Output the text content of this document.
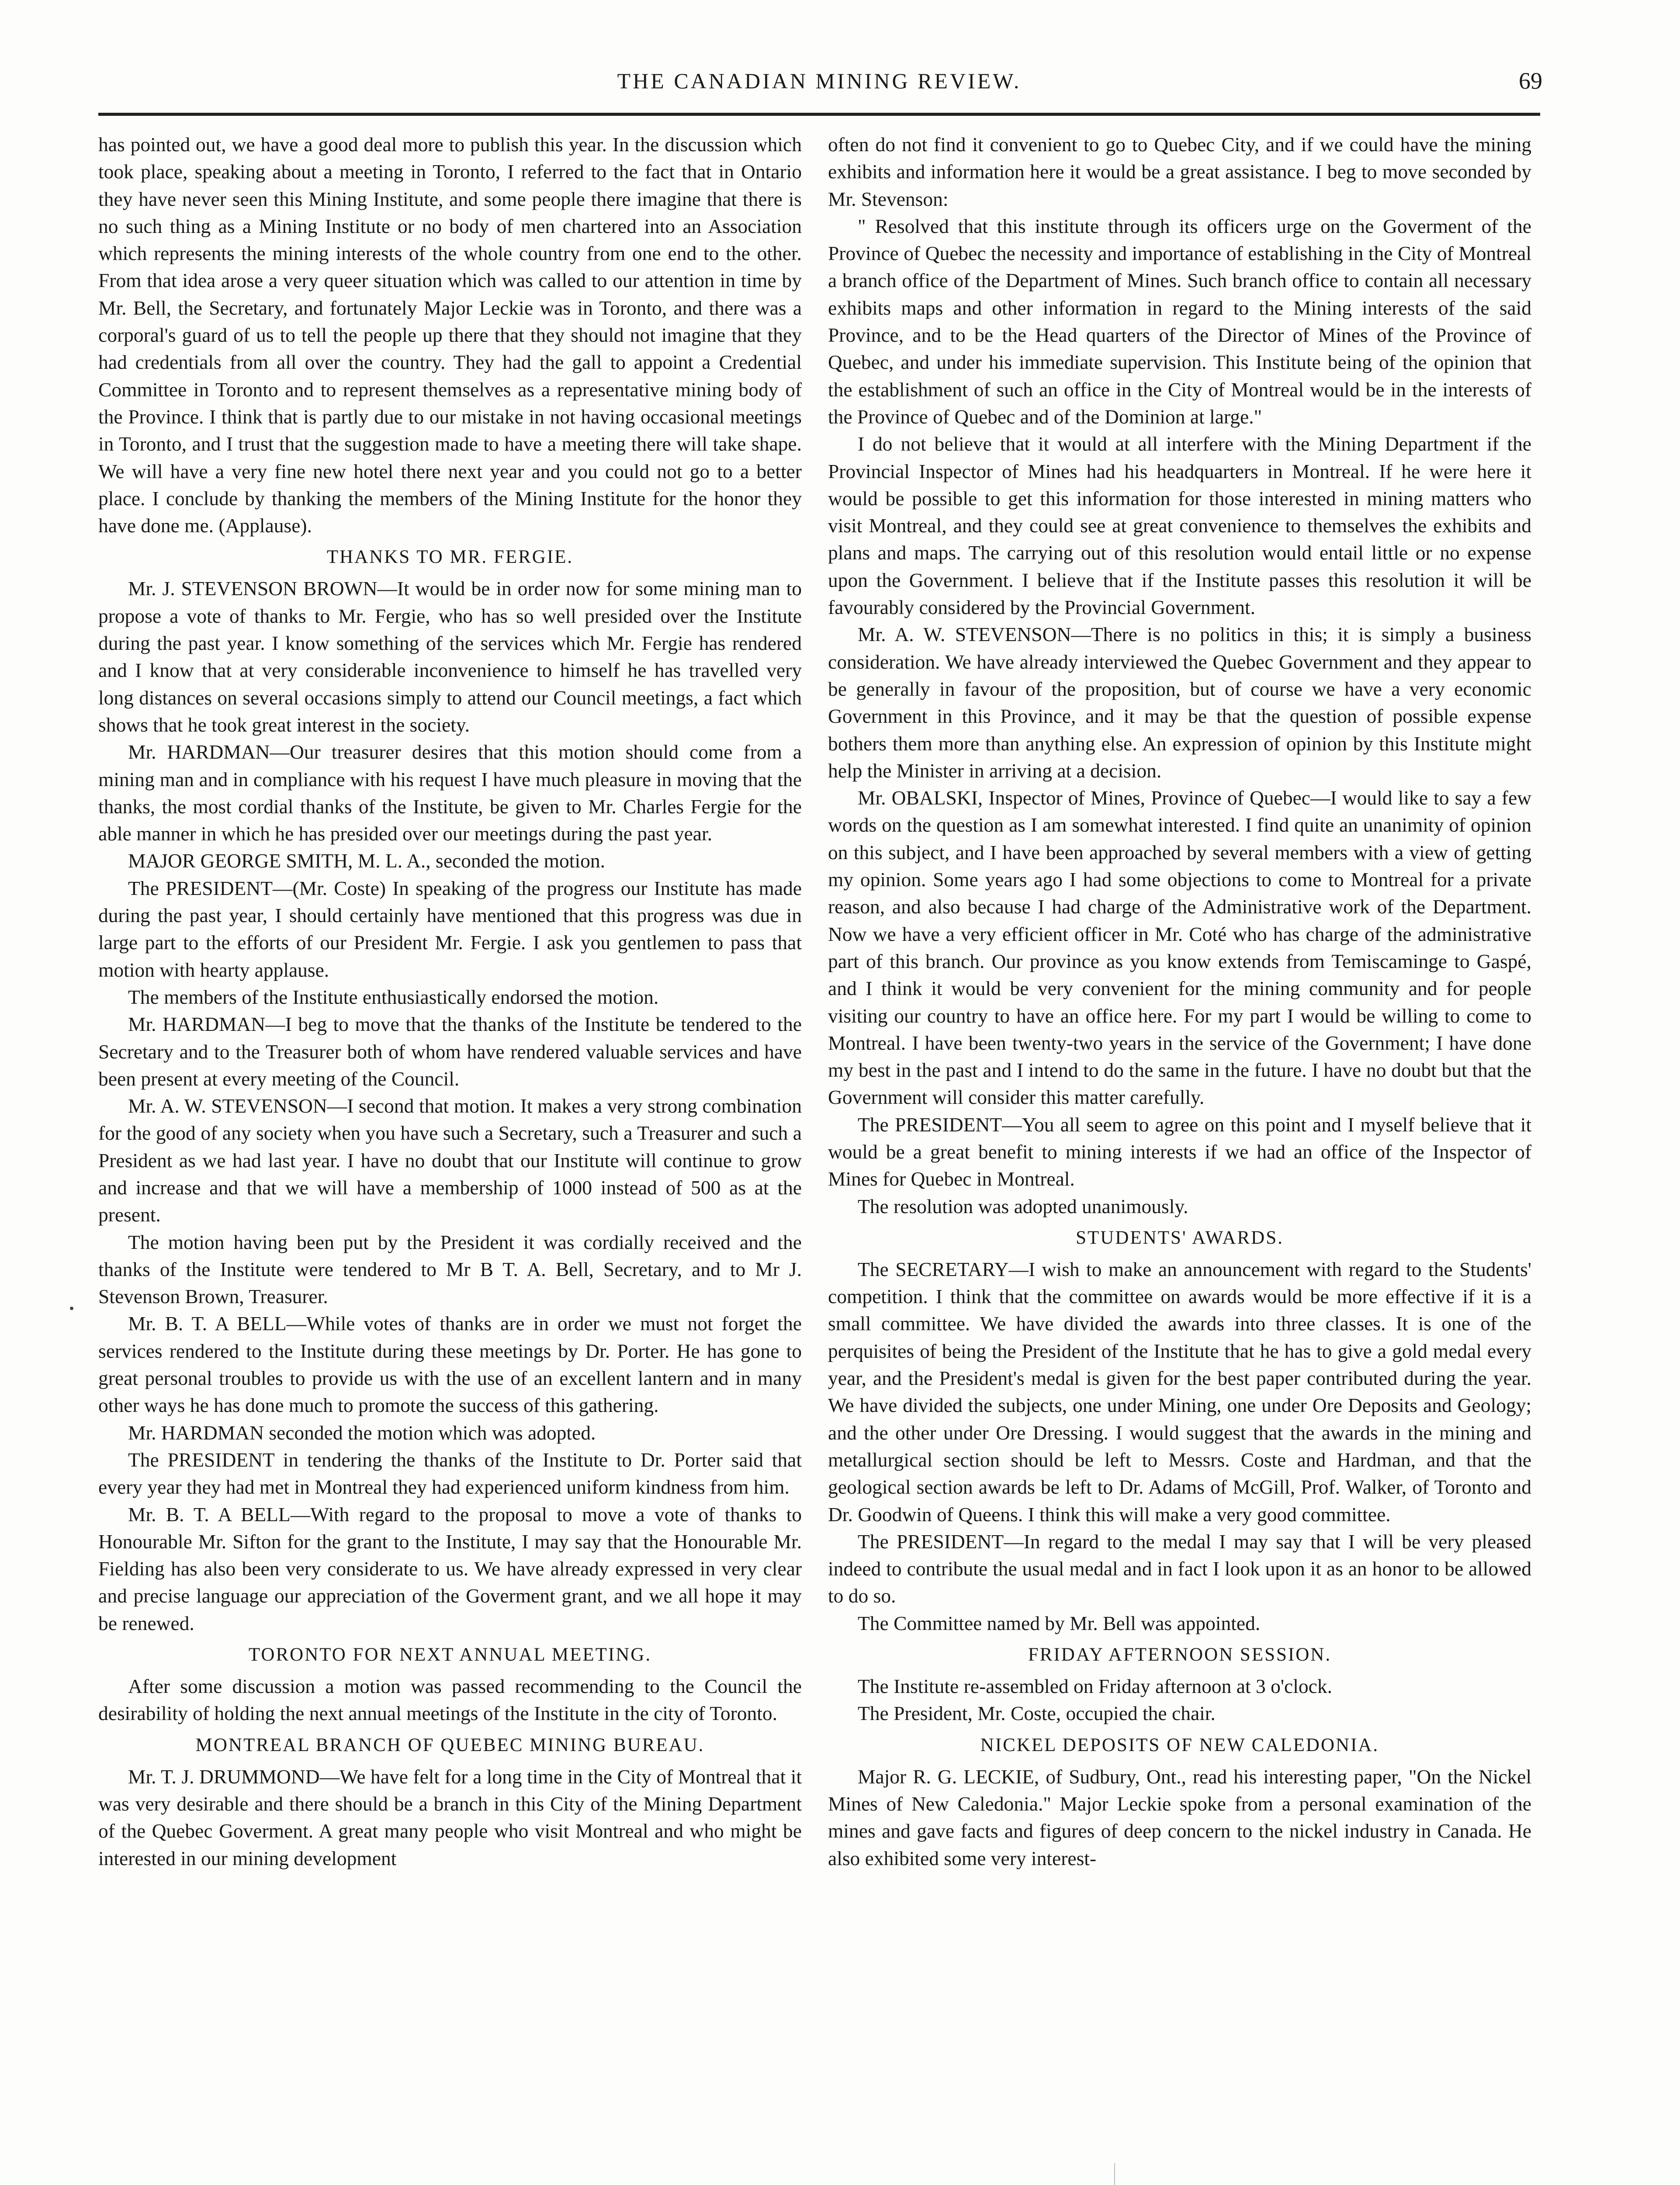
THE CANADIAN MINING REVIEW.	69

has pointed out, we have a good deal more to publish this year. In the discussion which took place, speaking about a meeting in Toronto, I referred to the fact that in Ontario they have never seen this Mining Institute, and some people there imagine that there is no such thing as a Mining Institute or no body of men chartered into an Association which represents the mining interests of the whole country from one end to the other. From that idea arose a very queer situation which was called to our attention in time by Mr. Bell, the Secretary, and fortunately Major Leckie was in Toronto, and there was a corporal's guard of us to tell the people up there that they should not imagine that they had credentials from all over the country. They had the gall to appoint a Credential Committee in Toronto and to represent themselves as a representative mining body of the Province. I think that is partly due to our mistake in not having occasional meetings in Toronto, and I trust that the suggestion made to have a meeting there will take shape. We will have a very fine new hotel there next year and you could not go to a better place. I conclude by thanking the members of the Mining Institute for the honor they have done me. (Applause).

THANKS TO MR. FERGIE.

Mr. J. STEVENSON BROWN—It would be in order now for some mining man to propose a vote of thanks to Mr. Fergie, who has so well presided over the Institute during the past year. I know something of the services which Mr. Fergie has rendered and I know that at very considerable inconvenience to himself he has travelled very long distances on several occasions simply to attend our Council meetings, a fact which shows that he took great interest in the society.

Mr. HARDMAN—Our treasurer desires that this motion should come from a mining man and in compliance with his request I have much pleasure in moving that the thanks, the most cordial thanks of the Institute, be given to Mr. Charles Fergie for the able manner in which he has presided over our meetings during the past year.

MAJOR GEORGE SMITH, M. L. A., seconded the motion.

The PRESIDENT—(Mr. Coste) In speaking of the progress our Institute has made during the past year, I should certainly have mentioned that this progress was due in large part to the efforts of our President Mr. Fergie. I ask you gentlemen to pass that motion with hearty applause.

The members of the Institute enthusiastically endorsed the motion.

Mr. HARDMAN—I beg to move that the thanks of the Institute be tendered to the Secretary and to the Treasurer both of whom have rendered valuable services and have been present at every meeting of the Council.

Mr. A. W. STEVENSON—I second that motion. It makes a very strong combination for the good of any society when you have such a Secretary, such a Treasurer and such a President as we had last year. I have no doubt that our Institute will continue to grow and increase and that we will have a membership of 1000 instead of 500 as at the present.

The motion having been put by the President it was cordially received and the thanks of the Institute were tendered to Mr B T. A. Bell, Secretary, and to Mr J. Stevenson Brown, Treasurer.

Mr. B. T. A BELL—While votes of thanks are in order we must not forget the services rendered to the Institute during these meetings by Dr. Porter. He has gone to great personal troubles to provide us with the use of an excellent lantern and in many other ways he has done much to promote the success of this gathering.

Mr. HARDMAN seconded the motion which was adopted.

The PRESIDENT in tendering the thanks of the Institute to Dr. Porter said that every year they had met in Montreal they had experienced uniform kindness from him.

Mr. B. T. A BELL—With regard to the proposal to move a vote of thanks to Honourable Mr. Sifton for the grant to the Institute, I may say that the Honourable Mr. Fielding has also been very considerate to us. We have already expressed in very clear and precise language our appreciation of the Goverment grant, and we all hope it may be renewed.

TORONTO FOR NEXT ANNUAL MEETING.

After some discussion a motion was passed recommending to the Council the desirability of holding the next annual meetings of the Institute in the city of Toronto.

MONTREAL BRANCH OF QUEBEC MINING BUREAU.

Mr. T. J. DRUMMOND—We have felt for a long time in the City of Montreal that it was very desirable and there should be a branch in this City of the Mining Department of the Quebec Goverment. A great many people who visit Montreal and who might be interested in our mining development

often do not find it convenient to go to Quebec City, and if we could have the mining exhibits and information here it would be a great assistance. I beg to move seconded by Mr. Stevenson:

" Resolved that this institute through its officers urge on the Goverment of the Province of Quebec the necessity and importance of establishing in the City of Montreal a branch office of the Department of Mines. Such branch office to contain all necessary exhibits maps and other information in regard to the Mining interests of the said Province, and to be the Head quarters of the Director of Mines of the Province of Quebec, and under his immediate supervision. This Institute being of the opinion that the establishment of such an office in the City of Montreal would be in the interests of the Province of Quebec and of the Dominion at large."

I do not believe that it would at all interfere with the Mining Department if the Provincial Inspector of Mines had his headquarters in Montreal. If he were here it would be possible to get this information for those interested in mining matters who visit Montreal, and they could see at great convenience to themselves the exhibits and plans and maps. The carrying out of this resolution would entail little or no expense upon the Government. I believe that if the Institute passes this resolution it will be favourably considered by the Provincial Government.

Mr. A. W. STEVENSON—There is no politics in this; it is simply a business consideration. We have already interviewed the Quebec Government and they appear to be generally in favour of the proposition, but of course we have a very economic Government in this Province, and it may be that the question of possible expense bothers them more than anything else. An expression of opinion by this Institute might help the Minister in arriving at a decision.

Mr. OBALSKI, Inspector of Mines, Province of Quebec—I would like to say a few words on the question as I am somewhat interested. I find quite an unanimity of opinion on this subject, and I have been approached by several members with a view of getting my opinion. Some years ago I had some objections to come to Montreal for a private reason, and also because I had charge of the Administrative work of the Department. Now we have a very efficient officer in Mr. Coté who has charge of the administrative part of this branch. Our province as you know extends from Temiscaminge to Gaspé, and I think it would be very convenient for the mining community and for people visiting our country to have an office here. For my part I would be willing to come to Montreal. I have been twenty-two years in the service of the Government; I have done my best in the past and I intend to do the same in the future. I have no doubt but that the Government will consider this matter carefully.

The PRESIDENT—You all seem to agree on this point and I myself believe that it would be a great benefit to mining interests if we had an office of the Inspector of Mines for Quebec in Montreal.

The resolution was adopted unanimously.

STUDENTS' AWARDS.

The SECRETARY—I wish to make an announcement with regard to the Students' competition. I think that the committee on awards would be more effective if it is a small committee. We have divided the awards into three classes. It is one of the perquisites of being the President of the Institute that he has to give a gold medal every year, and the President's medal is given for the best paper contributed during the year. We have divided the subjects, one under Mining, one under Ore Deposits and Geology; and the other under Ore Dressing. I would suggest that the awards in the mining and metallurgical section should be left to Messrs. Coste and Hardman, and that the geological section awards be left to Dr. Adams of McGill, Prof. Walker, of Toronto and Dr. Goodwin of Queens. I think this will make a very good committee.

The PRESIDENT—In regard to the medal I may say that I will be very pleased indeed to contribute the usual medal and in fact I look upon it as an honor to be allowed to do so.

The Committee named by Mr. Bell was appointed.

FRIDAY AFTERNOON SESSION.

The Institute re-assembled on Friday afternoon at 3 o'clock.

The President, Mr. Coste, occupied the chair.

NICKEL DEPOSITS OF NEW CALEDONIA.

Major R. G. LECKIE, of Sudbury, Ont., read his interesting paper, "On the Nickel Mines of New Caledonia." Major Leckie spoke from a personal examination of the mines and gave facts and figures of deep concern to the nickel industry in Canada. He also exhibited some very interest-
